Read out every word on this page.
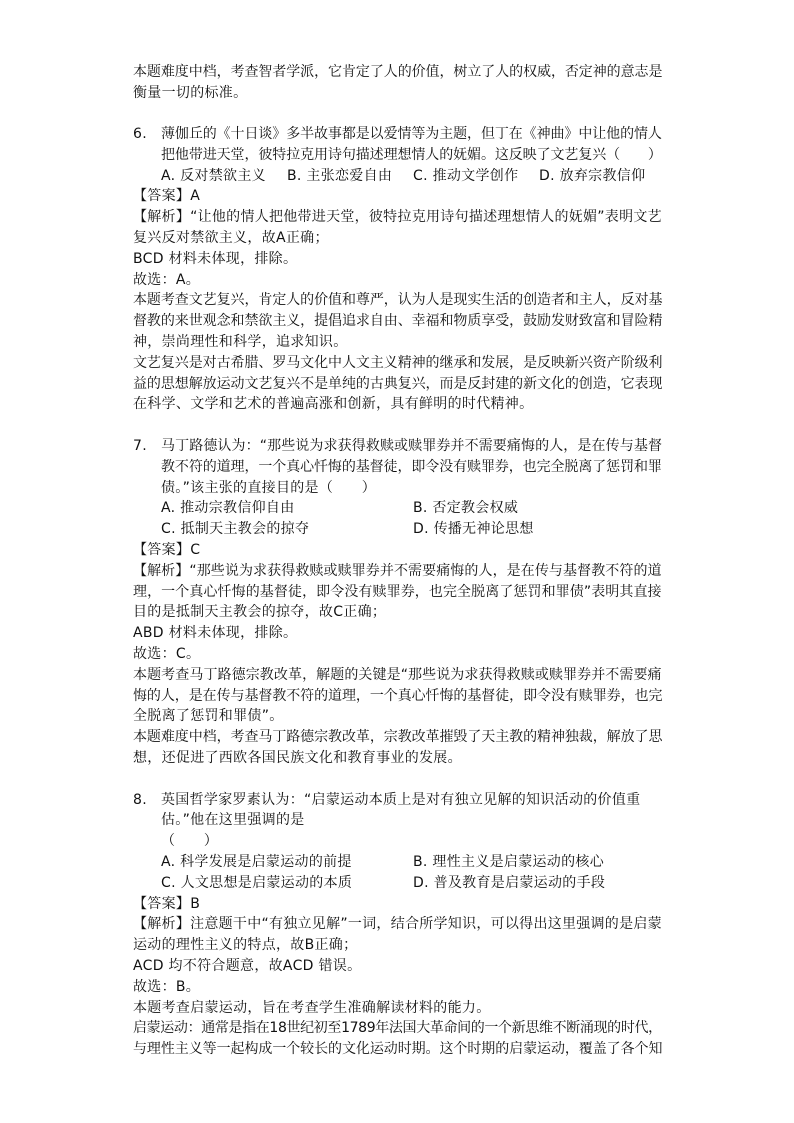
本题难度中档，考查智者学派，它肯定了人的价值，树立了人的权威，否定神的意志是
衡量一切的标准。
6. 薄伽丘的《十日谈》多半故事都是以爱情等为主题，但丁在《神曲》中让他的情人
把他带进天堂，彼特拉克用诗句描述理想情人的妩媚。这反映了文艺复兴（　　）
A. 反对禁欲主义 B. 主张恋爱自由 C. 推动文学创作 D. 放弃宗教信仰
【答案】A
【解析】“让他的情人把他带进天堂，彼特拉克用诗句描述理想情人的妩媚”表明文艺
复兴反对禁欲主义，故A正确；
BCD 材料未体现，排除。
故选：A。
本题考查文艺复兴，肯定人的价值和尊严，认为人是现实生活的创造者和主人，反对基
督教的来世观念和禁欲主义，提倡追求自由、幸福和物质享受，鼓励发财致富和冒险精
神，崇尚理性和科学，追求知识。
文艺复兴是对古希腊、罗马文化中人文主义精神的继承和发展，是反映新兴资产阶级利
益的思想解放运动文艺复兴不是单纯的古典复兴，而是反封建的新文化的创造，它表现
在科学、文学和艺术的普遍高涨和创新，具有鲜明的时代精神。
7. 马丁路德认为：“那些说为求获得救赎或赎罪券并不需要痛悔的人，是在传与基督
教不符的道理，一个真心忏悔的基督徒，即令没有赎罪券，也完全脱离了惩罚和罪
债。”该主张的直接目的是（　　）
A. 推动宗教信仰自由	B. 否定教会权威
C. 抵制天主教会的掠夺	D. 传播无神论思想
【答案】C
【解析】“那些说为求获得救赎或赎罪券并不需要痛悔的人，是在传与基督教不符的道
理，一个真心忏悔的基督徒，即令没有赎罪券，也完全脱离了惩罚和罪债”表明其直接
目的是抵制天主教会的掠夺，故C正确；
ABD 材料未体现，排除。
故选：C。
本题考查马丁路德宗教改革，解题的关键是“那些说为求获得救赎或赎罪券并不需要痛
悔的人，是在传与基督教不符的道理，一个真心忏悔的基督徒，即令没有赎罪券，也完
全脱离了惩罚和罪债”。
本题难度中档，考查马丁路德宗教改革，宗教改革摧毁了天主教的精神独裁，解放了思
想，还促进了西欧各国民族文化和教育事业的发展。
8. 英国哲学家罗素认为：“启蒙运动本质上是对有独立见解的知识活动的价值重
估。”他在这里强调的是
（　　）
A. 科学发展是启蒙运动的前提	B. 理性主义是启蒙运动的核心
C. 人文思想是启蒙运动的本质	D. 普及教育是启蒙运动的手段
【答案】B
【解析】注意题干中“有独立见解”一词，结合所学知识，可以得出这里强调的是启蒙
运动的理性主义的特点，故B正确；
ACD 均不符合题意，故ACD 错误。
故选：B。
本题考查启蒙运动，旨在考查学生准确解读材料的能力。
启蒙运动：通常是指在18世纪初至1789年法国大革命间的一个新思维不断涌现的时代，
与理性主义等一起构成一个较长的文化运动时期。这个时期的启蒙运动，覆盖了各个知
